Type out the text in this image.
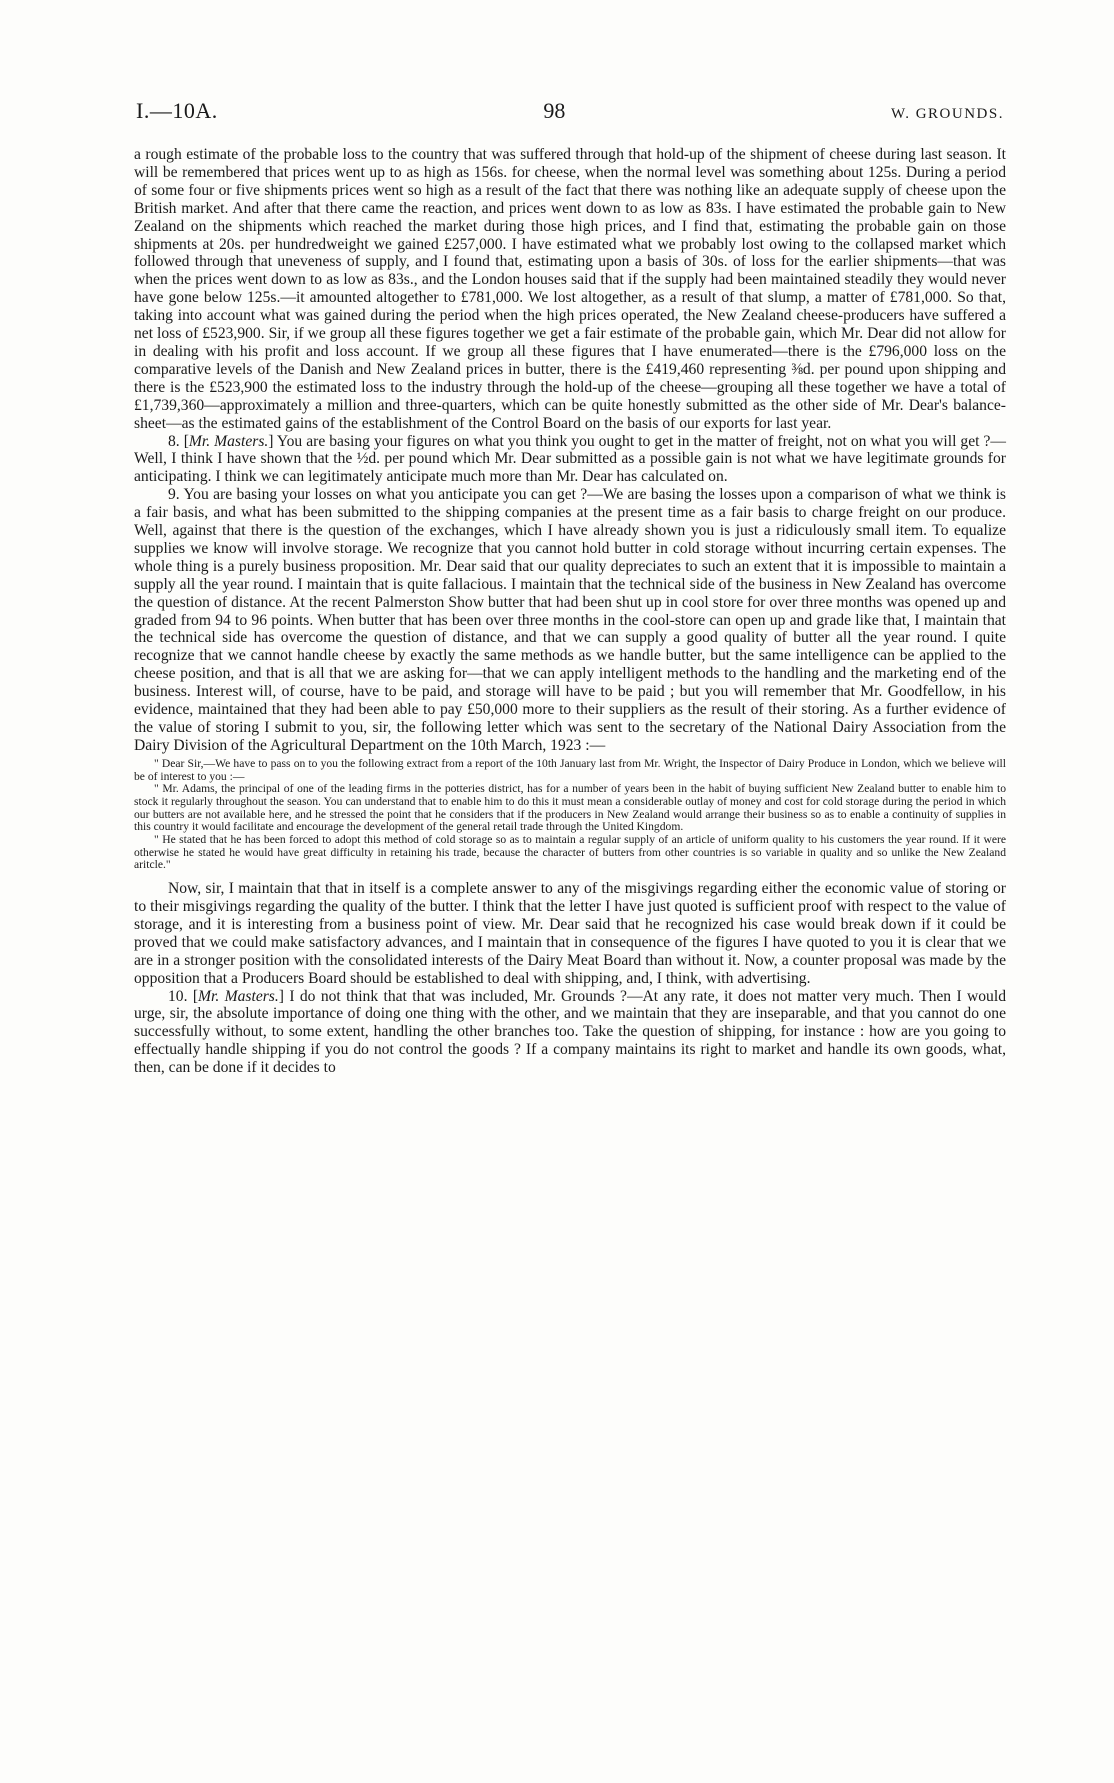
I.—10A.	98	W. GROUNDS.

a rough estimate of the probable loss to the country that was suffered through that hold-up of the shipment of cheese during last season. It will be remembered that prices went up to as high as 156s. for cheese, when the normal level was something about 125s. During a period of some four or five shipments prices went so high as a result of the fact that there was nothing like an adequate supply of cheese upon the British market. And after that there came the reaction, and prices went down to as low as 83s. I have estimated the probable gain to New Zealand on the shipments which reached the market during those high prices, and I find that, estimating the probable gain on those shipments at 20s. per hundredweight we gained £257,000. I have estimated what we probably lost owing to the collapsed market which followed through that uneveness of supply, and I found that, estimating upon a basis of 30s. of loss for the earlier shipments—that was when the prices went down to as low as 83s., and the London houses said that if the supply had been maintained steadily they would never have gone below 125s.—it amounted altogether to £781,000. We lost altogether, as a result of that slump, a matter of £781,000. So that, taking into account what was gained during the period when the high prices operated, the New Zealand cheese-producers have suffered a net loss of £523,900. Sir, if we group all these figures together we get a fair estimate of the probable gain, which Mr. Dear did not allow for in dealing with his profit and loss account. If we group all these figures that I have enumerated—there is the £796,000 loss on the comparative levels of the Danish and New Zealand prices in butter, there is the £419,460 representing ⅜d. per pound upon shipping and there is the £523,900 the estimated loss to the industry through the hold-up of the cheese—grouping all these together we have a total of £1,739,360—approximately a million and three-quarters, which can be quite honestly submitted as the other side of Mr. Dear's balance-sheet—as the estimated gains of the establishment of the Control Board on the basis of our exports for last year.

8. [Mr. Masters.] You are basing your figures on what you think you ought to get in the matter of freight, not on what you will get ?—Well, I think I have shown that the ½d. per pound which Mr. Dear submitted as a possible gain is not what we have legitimate grounds for anticipating. I think we can legitimately anticipate much more than Mr. Dear has calculated on.

9. You are basing your losses on what you anticipate you can get ?—We are basing the losses upon a comparison of what we think is a fair basis, and what has been submitted to the shipping companies at the present time as a fair basis to charge freight on our produce. Well, against that there is the question of the exchanges, which I have already shown you is just a ridiculously small item. To equalize supplies we know will involve storage. We recognize that you cannot hold butter in cold storage without incurring certain expenses. The whole thing is a purely business proposition. Mr. Dear said that our quality depreciates to such an extent that it is impossible to maintain a supply all the year round. I maintain that is quite fallacious. I maintain that the technical side of the business in New Zealand has overcome the question of distance. At the recent Palmerston Show butter that had been shut up in cool store for over three months was opened up and graded from 94 to 96 points. When butter that has been over three months in the cool-store can open up and grade like that, I maintain that the technical side has overcome the question of distance, and that we can supply a good quality of butter all the year round. I quite recognize that we cannot handle cheese by exactly the same methods as we handle butter, but the same intelligence can be applied to the cheese position, and that is all that we are asking for—that we can apply intelligent methods to the handling and the marketing end of the business. Interest will, of course, have to be paid, and storage will have to be paid ; but you will remember that Mr. Goodfellow, in his evidence, maintained that they had been able to pay £50,000 more to their suppliers as the result of their storing. As a further evidence of the value of storing I submit to you, sir, the following letter which was sent to the secretary of the National Dairy Association from the Dairy Division of the Agricultural Department on the 10th March, 1923 :—

" Dear Sir,—We have to pass on to you the following extract from a report of the 10th January last from Mr. Wright, the Inspector of Dairy Produce in London, which we believe will be of interest to you :—

" Mr. Adams, the principal of one of the leading firms in the potteries district, has for a number of years been in the habit of buying sufficient New Zealand butter to enable him to stock it regularly throughout the season. You can understand that to enable him to do this it must mean a considerable outlay of money and cost for cold storage during the period in which our butters are not available here, and he stressed the point that he considers that if the producers in New Zealand would arrange their business so as to enable a continuity of supplies in this country it would facilitate and encourage the development of the general retail trade through the United Kingdom.

" He stated that he has been forced to adopt this method of cold storage so as to maintain a regular supply of an article of uniform quality to his customers the year round. If it were otherwise he stated he would have great difficulty in retaining his trade, because the character of butters from other countries is so variable in quality and so unlike the New Zealand aritcle."

Now, sir, I maintain that that in itself is a complete answer to any of the misgivings regarding either the economic value of storing or to their misgivings regarding the quality of the butter. I think that the letter I have just quoted is sufficient proof with respect to the value of storage, and it is interesting from a business point of view. Mr. Dear said that he recognized his case would break down if it could be proved that we could make satisfactory advances, and I maintain that in consequence of the figures I have quoted to you it is clear that we are in a stronger position with the consolidated interests of the Dairy Meat Board than without it. Now, a counter proposal was made by the opposition that a Producers Board should be established to deal with shipping, and, I think, with advertising.

10. [Mr. Masters.] I do not think that that was included, Mr. Grounds ?—At any rate, it does not matter very much. Then I would urge, sir, the absolute importance of doing one thing with the other, and we maintain that they are inseparable, and that you cannot do one successfully without, to some extent, handling the other branches too. Take the question of shipping, for instance : how are you going to effectually handle shipping if you do not control the goods ? If a company maintains its right to market and handle its own goods, what, then, can be done if it decides to
